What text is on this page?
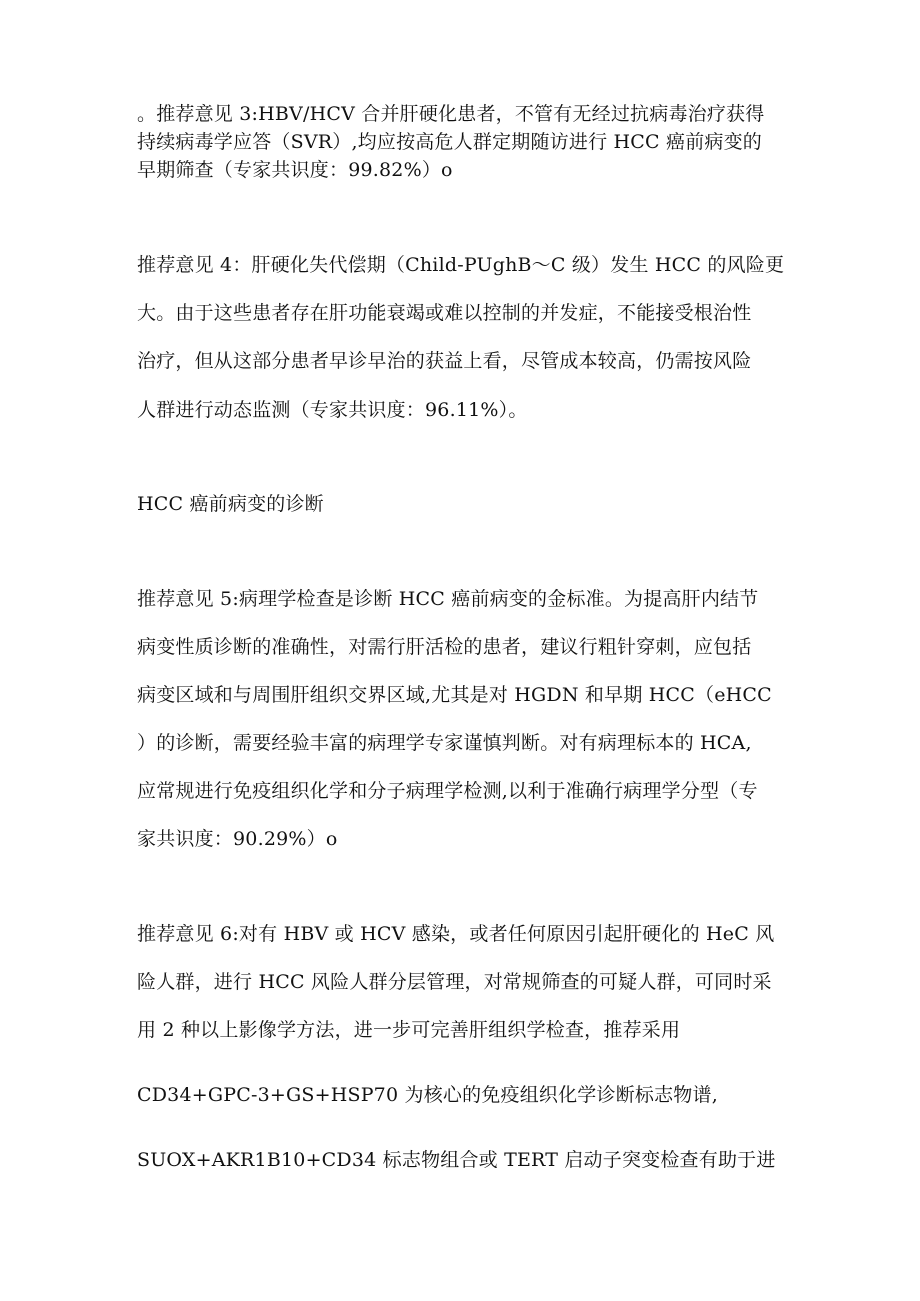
。推荐意见 3:HBV/HCV 合并肝硬化患者，不管有无经过抗病毒治疗获得
持续病毒学应答（SVR）,均应按高危人群定期随访进行 HCC 癌前病变的
早期筛查（专家共识度：99.82%）o
推荐意见 4：肝硬化失代偿期（Child-PUghB～C 级）发生 HCC 的风险更
大。由于这些患者存在肝功能衰竭或难以控制的并发症，不能接受根治性
治疗，但从这部分患者早诊早治的获益上看，尽管成本较高，仍需按风险
人群进行动态监测（专家共识度：96.11%）。
HCC 癌前病变的诊断
推荐意见 5:病理学检查是诊断 HCC 癌前病变的金标准。为提高肝内结节
病变性质诊断的准确性，对需行肝活检的患者，建议行粗针穿刺，应包括
病变区域和与周围肝组织交界区域,尤其是对 HGDN 和早期 HCC（eHCC
）的诊断，需要经验丰富的病理学专家谨慎判断。对有病理标本的 HCA,
应常规进行免疫组织化学和分子病理学检测,以利于准确行病理学分型（专
家共识度：90.29%）o
推荐意见 6:对有 HBV 或 HCV 感染，或者任何原因引起肝硬化的 HeC 风
险人群，进行 HCC 风险人群分层管理，对常规筛查的可疑人群，可同时采
用 2 种以上影像学方法，进一步可完善肝组织学检查，推荐采用
CD34+GPC-3+GS+HSP70 为核心的免疫组织化学诊断标志物谱,
SUOX+AKR1B10+CD34 标志物组合或 TERT 启动子突变检查有助于进
